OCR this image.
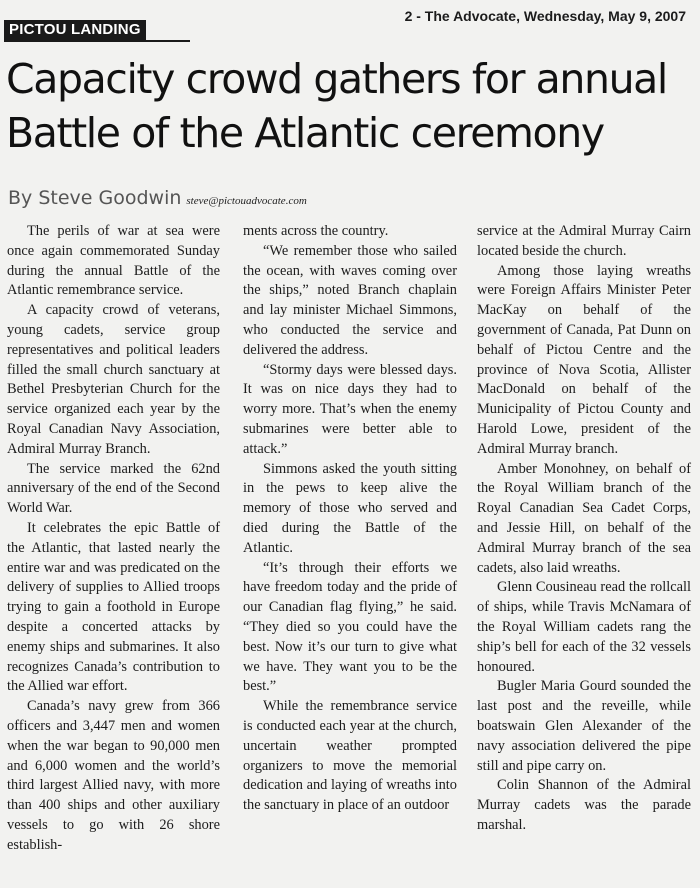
PICTOU LANDING
2 - The Advocate, Wednesday, May 9, 2007
Capacity crowd gathers for annual Battle of the Atlantic ceremony
By Steve Goodwin steve@pictouadvocate.com

The perils of war at sea were once again commemorated Sunday during the annual Battle of the Atlantic remembrance service.

A capacity crowd of veterans, young cadets, service group representatives and political leaders filled the small church sanctuary at Bethel Presbyterian Church for the service organized each year by the Royal Canadian Navy Association, Admiral Murray Branch.

The service marked the 62nd anniversary of the end of the Second World War.

It celebrates the epic Battle of the Atlantic, that lasted nearly the entire war and was predicated on the delivery of supplies to Allied troops trying to gain a foothold in Europe despite a concerted attacks by enemy ships and submarines. It also recognizes Canada’s contribution to the Allied war effort.

Canada’s navy grew from 366 officers and 3,447 men and women when the war began to 90,000 men and 6,000 women and the world’s third largest Allied navy, with more than 400 ships and other auxiliary vessels to go with 26 shore establish-

ments across the country.

“We remember those who sailed the ocean, with waves coming over the ships,” noted Branch chaplain and lay minister Michael Simmons, who conducted the service and delivered the address.

“Stormy days were blessed days. It was on nice days they had to worry more. That’s when the enemy submarines were better able to attack.”

Simmons asked the youth sitting in the pews to keep alive the memory of those who served and died during the Battle of the Atlantic.

“It’s through their efforts we have freedom today and the pride of our Canadian flag flying,” he said. “They died so you could have the best. Now it’s our turn to give what we have. They want you to be the best.”

While the remembrance service is conducted each year at the church, uncertain weather prompted organizers to move the memorial dedication and laying of wreaths into the sanctuary in place of an outdoor

service at the Admiral Murray Cairn located beside the church.

Among those laying wreaths were Foreign Affairs Minister Peter MacKay on behalf of the government of Canada, Pat Dunn on behalf of Pictou Centre and the province of Nova Scotia, Allister MacDonald on behalf of the Municipality of Pictou County and Harold Lowe, president of the Admiral Murray branch.

Amber Monohney, on behalf of the Royal William branch of the Royal Canadian Sea Cadet Corps, and Jessie Hill, on behalf of the Admiral Murray branch of the sea cadets, also laid wreaths.

Glenn Cousineau read the rollcall of ships, while Travis McNamara of the Royal William cadets rang the ship’s bell for each of the 32 vessels honoured.

Bugler Maria Gourd sounded the last post and the reveille, while boatswain Glen Alexander of the navy association delivered the pipe still and pipe carry on.

Colin Shannon of the Admiral Murray cadets was the parade marshal.
